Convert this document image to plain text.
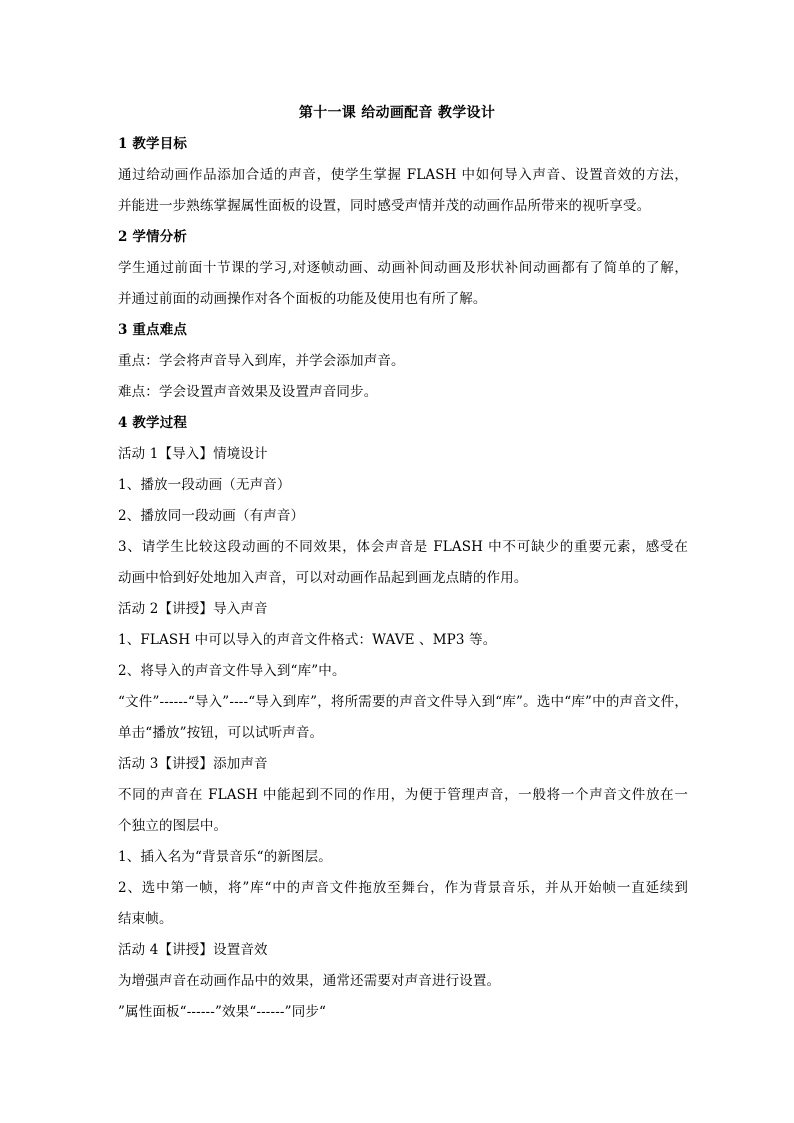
第十一课 给动画配音 教学设计
1 教学目标
通过给动画作品添加合适的声音，使学生掌握 FLASH 中如何导入声音、设置音效的方法，
并能进一步熟练掌握属性面板的设置，同时感受声情并茂的动画作品所带来的视听享受。
2 学情分析
学生通过前面十节课的学习,对逐帧动画、动画补间动画及形状补间动画都有了简单的了解，
并通过前面的动画操作对各个面板的功能及使用也有所了解。
3 重点难点
重点：学会将声音导入到库，并学会添加声音。
难点：学会设置声音效果及设置声音同步。
4 教学过程
活动 1【导入】情境设计
1、播放一段动画（无声音）
2、播放同一段动画（有声音）
3、请学生比较这段动画的不同效果，体会声音是 FLASH 中不可缺少的重要元素，感受在
动画中恰到好处地加入声音，可以对动画作品起到画龙点睛的作用。
活动 2【讲授】导入声音
1、FLASH 中可以导入的声音文件格式：WAVE 、MP3 等。
2、将导入的声音文件导入到“库”中。
“文件”------“导入”----“导入到库”，将所需要的声音文件导入到“库”。选中“库”中的声音文件，
单击“播放”按钮，可以试听声音。
活动 3【讲授】添加声音
不同的声音在 FLASH 中能起到不同的作用，为便于管理声音，一般将一个声音文件放在一
个独立的图层中。
1、插入名为“背景音乐“的新图层。
2、选中第一帧，将”库“中的声音文件拖放至舞台，作为背景音乐，并从开始帧一直延续到
结束帧。
活动 4【讲授】设置音效
为增强声音在动画作品中的效果，通常还需要对声音进行设置。
”属性面板“------”效果“------”同步“
